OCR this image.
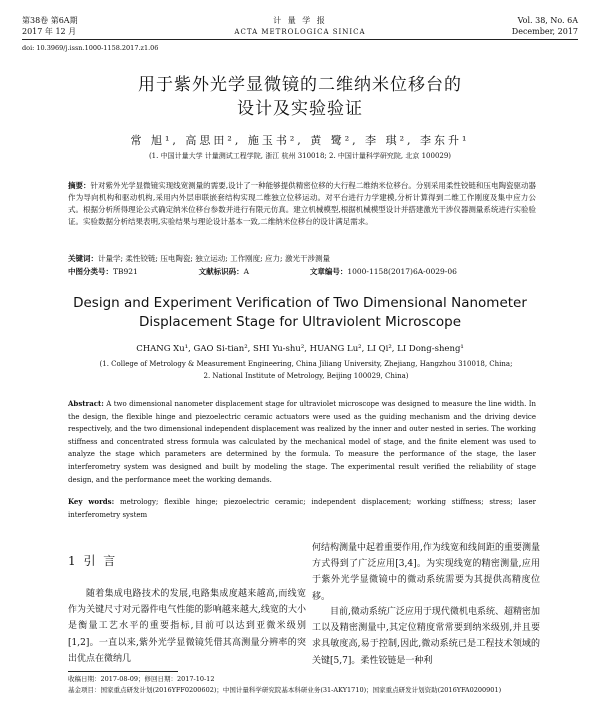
第38卷 第6A期
2017 年 12 月
计 量 学 报
ACTA METROLOGICA SINICA
Vol. 38, No. 6A
December, 2017
doi: 10.3969/j.issn.1000-1158.2017.z1.06
用于紫外光学显微镜的二维纳米位移台的
设计及实验验证
常 旭¹, 高思田², 施玉书², 黄 鹭², 李 琪², 李东升¹
(1. 中国计量大学 计量测试工程学院, 浙江 杭州 310018; 2. 中国计量科学研究院, 北京 100029)
摘要：针对紫外光学显微镜实现线宽测量的需要,设计了一种能够提供精密位移的大行程二维纳米位移台。分别采用柔性铰链和压电陶瓷驱动器作为导向机构和驱动机构,采用内外层串联嵌套结构实现二维独立位移运动。对平台进行力学建模,分析计算得到二维工作刚度及集中应力公式。根据分析所得理论公式确定纳米位移台参数并进行有限元仿真。建立机械模型,根据机械模型设计并搭建激光干涉仪器测量系统进行实验验证。实验数据分析结果表明,实验结果与理论设计基本一致,二维纳米位移台的设计满足需求。
关键词：计量学; 柔性铰链; 压电陶瓷; 独立运动; 工作刚度; 应力; 激光干涉测量
中图分类号：TB921	文献标识码：A	文章编号：1000-1158(2017)6A-0029-06
Design and Experiment Verification of Two Dimensional Nanometer
Displacement Stage for Ultraviolent Microscope
CHANG Xu¹, GAO Si-tian², SHI Yu-shu², HUANG Lu², LI Qi², LI Dong-sheng¹
(1. College of Metrology & Measurement Engineering, China Jiliang University, Zhejiang, Hangzhou 310018, China;
2. National Institute of Metrology, Beijing 100029, China)
Abstract: A two dimensional nanometer displacement stage for ultraviolet microscope was designed to measure the line width. In the design, the flexible hinge and piezoelectric ceramic actuators were used as the guiding mechanism and the driving device respectively, and the two dimensional independent displacement was realized by the inner and outer nested in series. The working stiffness and concentrated stress formula was calculated by the mechanical model of stage, and the finite element was used to analyze the stage which parameters are determined by the formula. To measure the performance of the stage, the laser interferometry system was designed and built by modeling the stage. The experimental result verified the reliability of stage design, and the performance meet the working demands.
Key words: metrology; flexible hinge; piezoelectric ceramic; independent displacement; working stiffness; stress; laser interferometry system
1 引 言
随着集成电路技术的发展,电路集成度越来越高,而线宽作为关键尺寸对元器件电气性能的影响越来越大,线宽的大小是衡量工艺水平的重要指标,目前可以达到亚微米级别[1,2]。一直以来,紫外光学显微镜凭借其高测量分辨率的突出优点在微纳几
何结构测量中起着重要作用,作为线宽和线间距的重要测量方式得到了广泛应用[3,4]。为实现线宽的精密测量,应用于紫外光学显微镜中的微动系统需要为其提供高精度位移。
目前,微动系统广泛应用于现代微机电系统、超精密加工以及精密测量中,其定位精度常常要到纳米级别,并且要求具敏度高,易于控制,因此,微动系统已是工程技术领域的关键[5,7]。柔性铰链是一种利
收稿日期：2017-08-09；修回日期：2017-10-12
基金项目：国家重点研发计划(2016YFF0200602)；中国计量科学研究院基本科研业务(31-AKY1710)；国家重点研发计划资助(2016YFA0200901)
